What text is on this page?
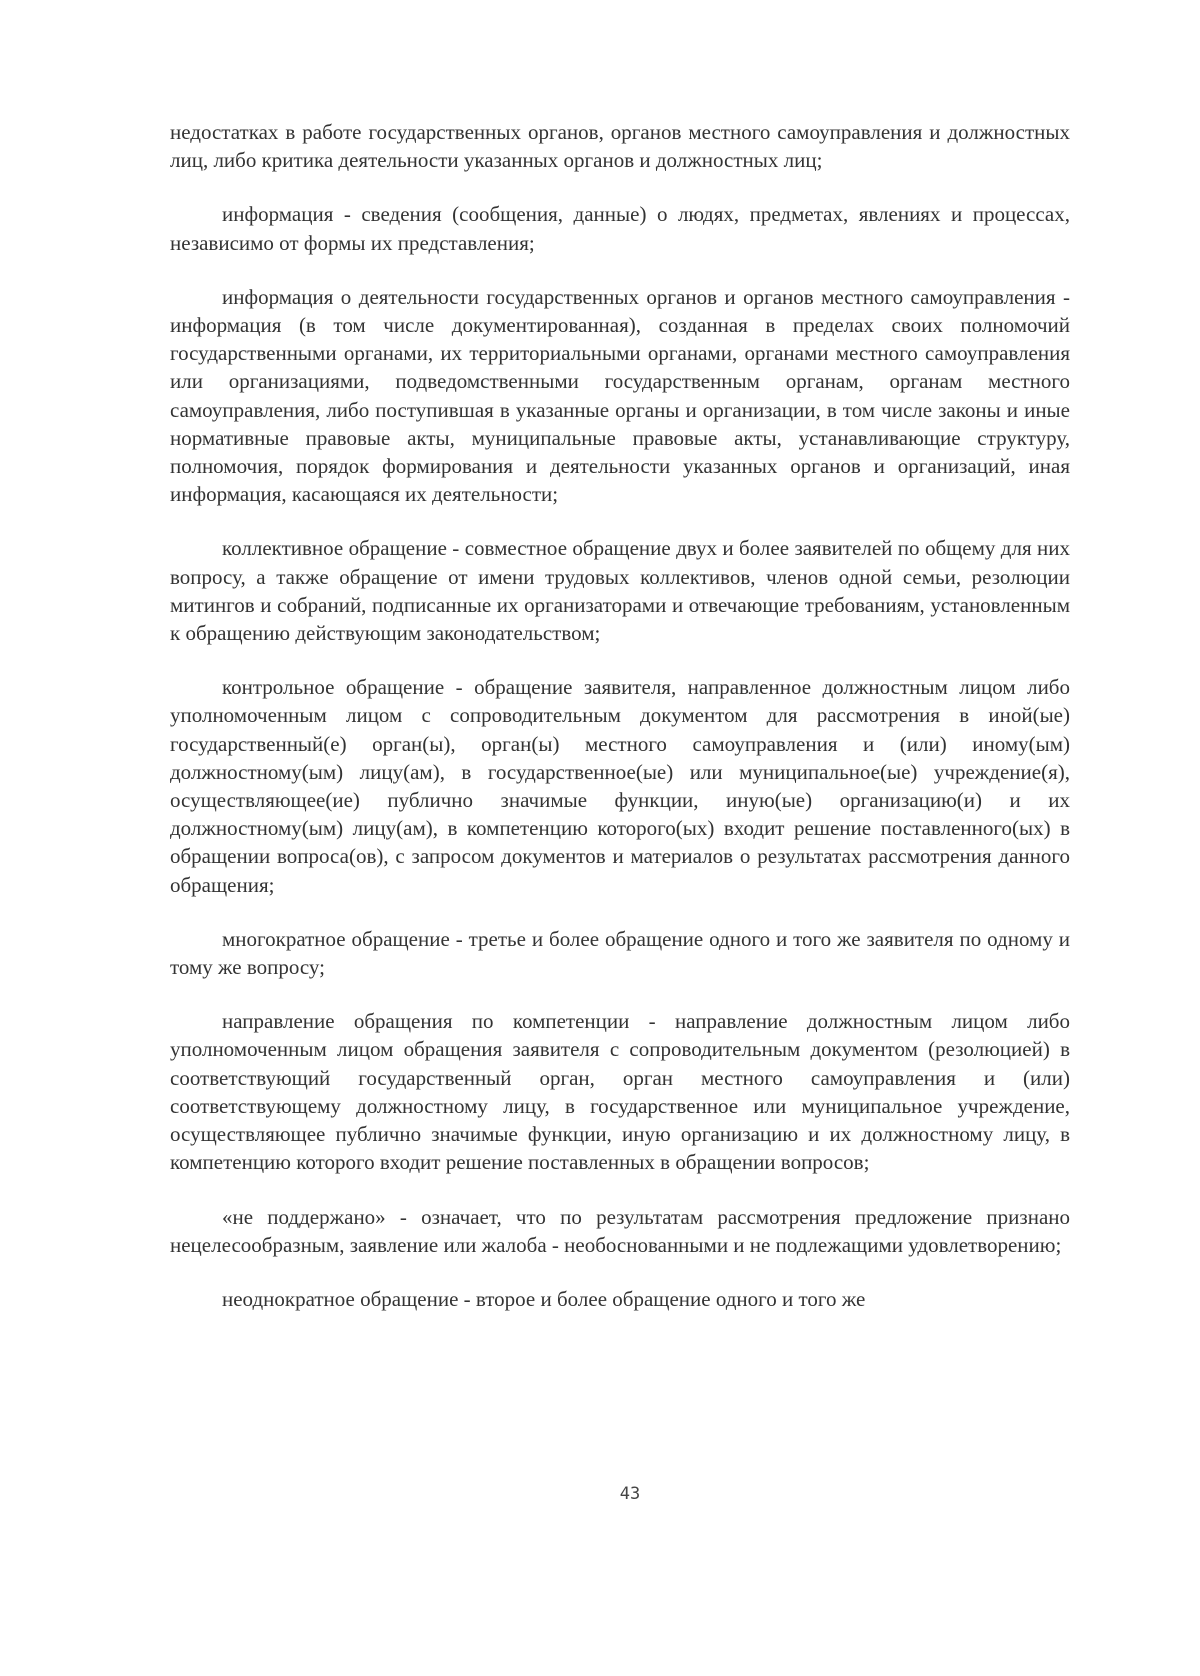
недостатках в работе государственных органов, органов местного самоуправления и должностных лиц, либо критика деятельности указанных органов и должностных лиц;

информация - сведения (сообщения, данные) о людях, предметах, явлениях и процессах, независимо от формы их представления;

информация о деятельности государственных органов и органов местного самоуправления - информация (в том числе документированная), созданная в пределах своих полномочий государственными органами, их территориальными органами, органами местного самоуправления или организациями, подведомственными государственным органам, органам местного самоуправления, либо поступившая в указанные органы и организации, в том числе законы и иные нормативные правовые акты, муниципальные правовые акты, устанавливающие структуру, полномочия, порядок формирования и деятельности указанных органов и организаций, иная информация, касающаяся их деятельности;

коллективное обращение - совместное обращение двух и более заявителей по общему для них вопросу, а также обращение от имени трудовых коллективов, членов одной семьи, резолюции митингов и собраний, подписанные их организаторами и отвечающие требованиям, установленным к обращению действующим законодательством;

контрольное обращение - обращение заявителя, направленное должностным лицом либо уполномоченным лицом с сопроводительным документом для рассмотрения в иной(ые) государственный(е) орган(ы), орган(ы) местного самоуправления и (или) иному(ым) должностному(ым) лицу(ам), в государственное(ые) или муниципальное(ые) учреждение(я), осуществляющее(ие) публично значимые функции, иную(ые) организацию(и) и их должностному(ым) лицу(ам), в компетенцию которого(ых) входит решение поставленного(ых) в обращении вопроса(ов), с запросом документов и материалов о результатах рассмотрения данного обращения;

многократное обращение - третье и более обращение одного и того же заявителя по одному и тому же вопросу;

направление обращения по компетенции - направление должностным лицом либо уполномоченным лицом обращения заявителя с сопроводительным документом (резолюцией) в соответствующий государственный орган, орган местного самоуправления и (или) соответствующему должностному лицу, в государственное или муниципальное учреждение, осуществляющее публично значимые функции, иную организацию и их должностному лицу, в компетенцию которого входит решение поставленных в обращении вопросов;

«не поддержано» - означает, что по результатам рассмотрения предложение признано нецелесообразным, заявление или жалоба - необоснованными и не подлежащими удовлетворению;

неоднократное обращение - второе и более обращение одного и того же

43
